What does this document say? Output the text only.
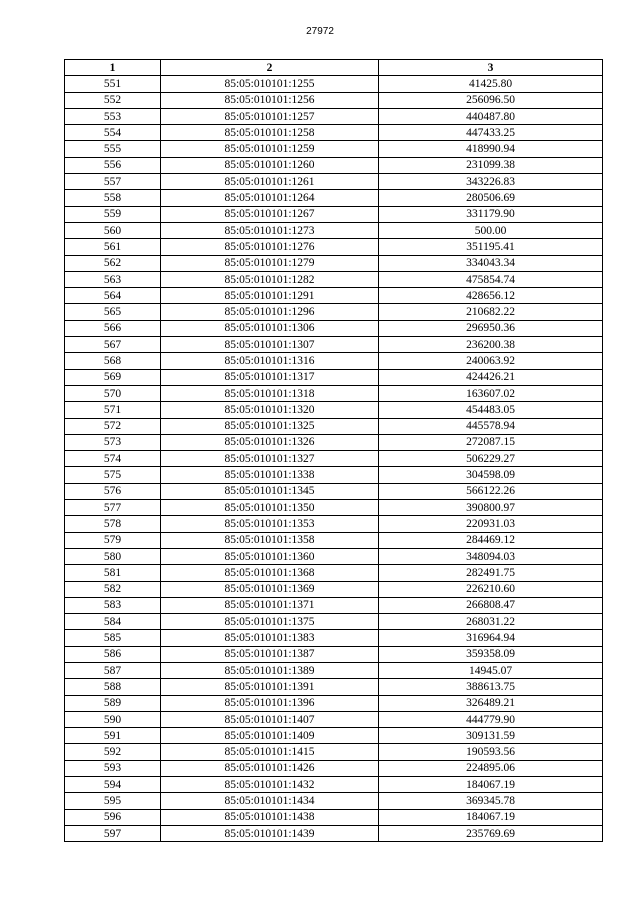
27972
1	2	3
551	85:05:010101:1255	41425.80
552	85:05:010101:1256	256096.50
553	85:05:010101:1257	440487.80
554	85:05:010101:1258	447433.25
555	85:05:010101:1259	418990.94
556	85:05:010101:1260	231099.38
557	85:05:010101:1261	343226.83
558	85:05:010101:1264	280506.69
559	85:05:010101:1267	331179.90
560	85:05:010101:1273	500.00
561	85:05:010101:1276	351195.41
562	85:05:010101:1279	334043.34
563	85:05:010101:1282	475854.74
564	85:05:010101:1291	428656.12
565	85:05:010101:1296	210682.22
566	85:05:010101:1306	296950.36
567	85:05:010101:1307	236200.38
568	85:05:010101:1316	240063.92
569	85:05:010101:1317	424426.21
570	85:05:010101:1318	163607.02
571	85:05:010101:1320	454483.05
572	85:05:010101:1325	445578.94
573	85:05:010101:1326	272087.15
574	85:05:010101:1327	506229.27
575	85:05:010101:1338	304598.09
576	85:05:010101:1345	566122.26
577	85:05:010101:1350	390800.97
578	85:05:010101:1353	220931.03
579	85:05:010101:1358	284469.12
580	85:05:010101:1360	348094.03
581	85:05:010101:1368	282491.75
582	85:05:010101:1369	226210.60
583	85:05:010101:1371	266808.47
584	85:05:010101:1375	268031.22
585	85:05:010101:1383	316964.94
586	85:05:010101:1387	359358.09
587	85:05:010101:1389	14945.07
588	85:05:010101:1391	388613.75
589	85:05:010101:1396	326489.21
590	85:05:010101:1407	444779.90
591	85:05:010101:1409	309131.59
592	85:05:010101:1415	190593.56
593	85:05:010101:1426	224895.06
594	85:05:010101:1432	184067.19
595	85:05:010101:1434	369345.78
596	85:05:010101:1438	184067.19
597	85:05:010101:1439	235769.69
